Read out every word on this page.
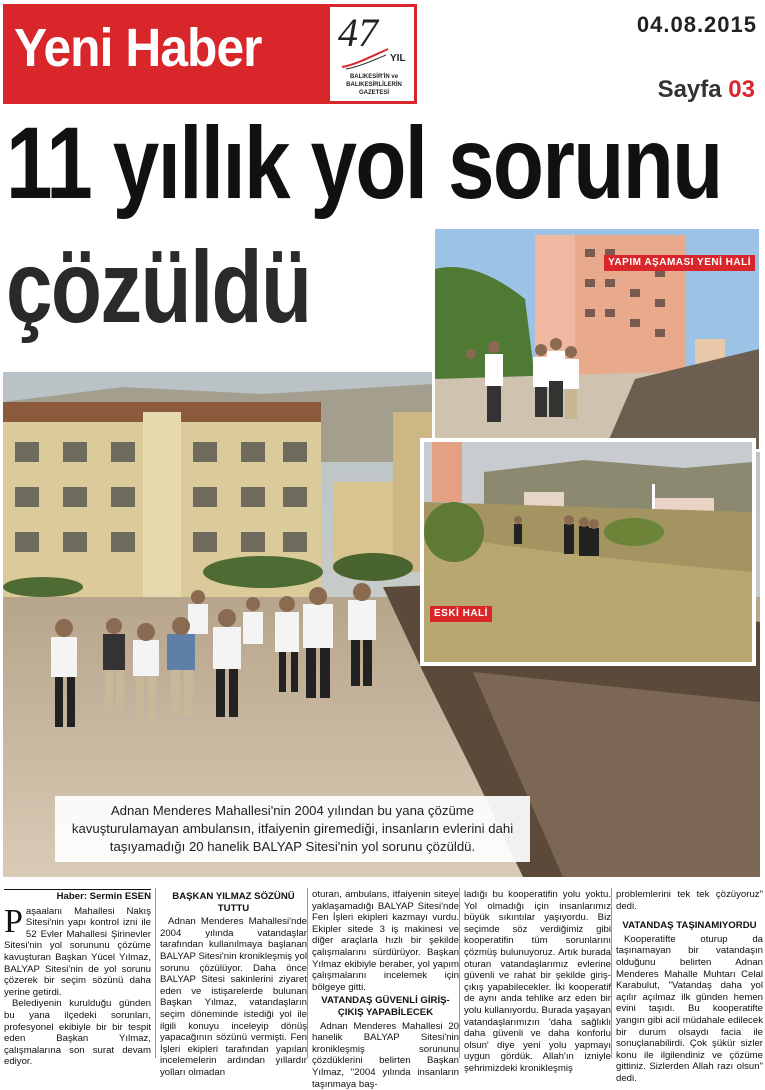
Yeni Haber 47
YIL
BALIKESİR'İN ve BALIKESİRLİLERİN GAZETESİ
04.08.2015
Sayfa 03
11 yıllık yol sorunu
çözüldü	YAPIM AŞAMASI YENİ HALİ
ESKİ HALİ
Adnan Menderes Mahallesi'nin 2004 yılından bu yana çözüme kavuşturulamayan ambulansın, itfaiyenin giremediği, insanların evlerini dahi taşıyamadığı 20 hanelik BALYAP Sitesi'nin yol sorunu çözüldü.

Haber: Sermin ESEN

P aşaalanı Mahallesi Nakış Sitesi'nin yapı kontrol izni ile 52 Evler Mahallesi Şirinevler Sitesi'nin yol sorununu çözüme kavuşturan Başkan Yücel Yılmaz, BALYAP Sitesi'nin de yol sorunu çözerek bir seçim sözünü daha yerine getirdi.

Belediyenin kurulduğu günden bu yana ilçedeki sorunları, profesyonel ekibiyle bir bir tespit eden Başkan Yılmaz, çalışmalarına son surat devam ediyor.

BAŞKAN YILMAZ SÖZÜNÜ TUTTU

Adnan Menderes Mahallesi'nde 2004 yılında vatandaşlar tarafından kullanılmaya başlanan BALYAP Sitesi'nin kronikleşmiş yol sorunu çözülüyor. Daha önce BALYAP Sitesi sakinlerini ziyaret eden ve istişarelerde bulunan Başkan Yılmaz, vatandaşların seçim döneminde istediği yol ile ilgili konuyu inceleyip dönüş yapacağının sözünü vermişti. Fen İşleri ekipleri tarafından yapılan incelemelerin ardından yıllardır yolları olmadan

oturan, ambulans, itfaiyenin siteye yaklaşamadığı BALYAP Sitesi'nde Fen İşleri ekipleri kazmayı vurdu. Ekipler sitede 3 iş makinesi ve diğer araçlarla hızlı bir şekilde çalışmalarını sürdürüyor. Başkan Yılmaz ekibiyle beraber, yol yapım çalışmalarını incelemek için bölgeye gitti.

VATANDAŞ GÜVENLİ GİRİŞ-ÇIKIŞ YAPABİLECEK

Adnan Menderes Mahallesi 20 hanelik BALYAP Sitesi'nin kronikleşmiş sorununu çözdüklerini belirten Başkan Yılmaz, "2004 yılında insanların taşınmaya baş-

ladığı bu kooperatifin yolu yoktu. Yol olmadığı için insanlarımız büyük sıkıntılar yaşıyordu. Biz seçimde söz verdiğimiz gibi kooperatifin tüm sorunlarını çözmüş bulunuyoruz. Artık burada oturan vatandaşlarımız evlerine güvenli ve rahat bir şekilde giriş-çıkış yapabilecekler. İki kooperatif de aynı anda tehlike arz eden bir yolu kullanıyordu. Burada yaşayan vatandaşlarımızın 'daha sağlıklı daha güvenli ve daha konforlu olsun' diye yeni yolu yapmayı uygun gördük. Allah'ın izniyle şehrimizdeki kronikleşmiş

problemlerini tek tek çözüyoruz" dedi.

VATANDAŞ TAŞINAMIYORDU

Kooperatifte oturup da taşınamayan bir vatandaşın olduğunu belirten Adnan Menderes Mahalle Muhtarı Celal Karabulut, "Vatandaş daha yol açılır açılmaz ilk günden hemen evini taşıdı. Bu kooperatifte yangın gibi acil müdahale edilecek bir durum olsaydı facia ile sonuçlanabilirdi. Çok şükür sizler konu ile ilgilendiniz ve çözüme gittiniz. Sizlerden Allah razı olsun" dedi.
